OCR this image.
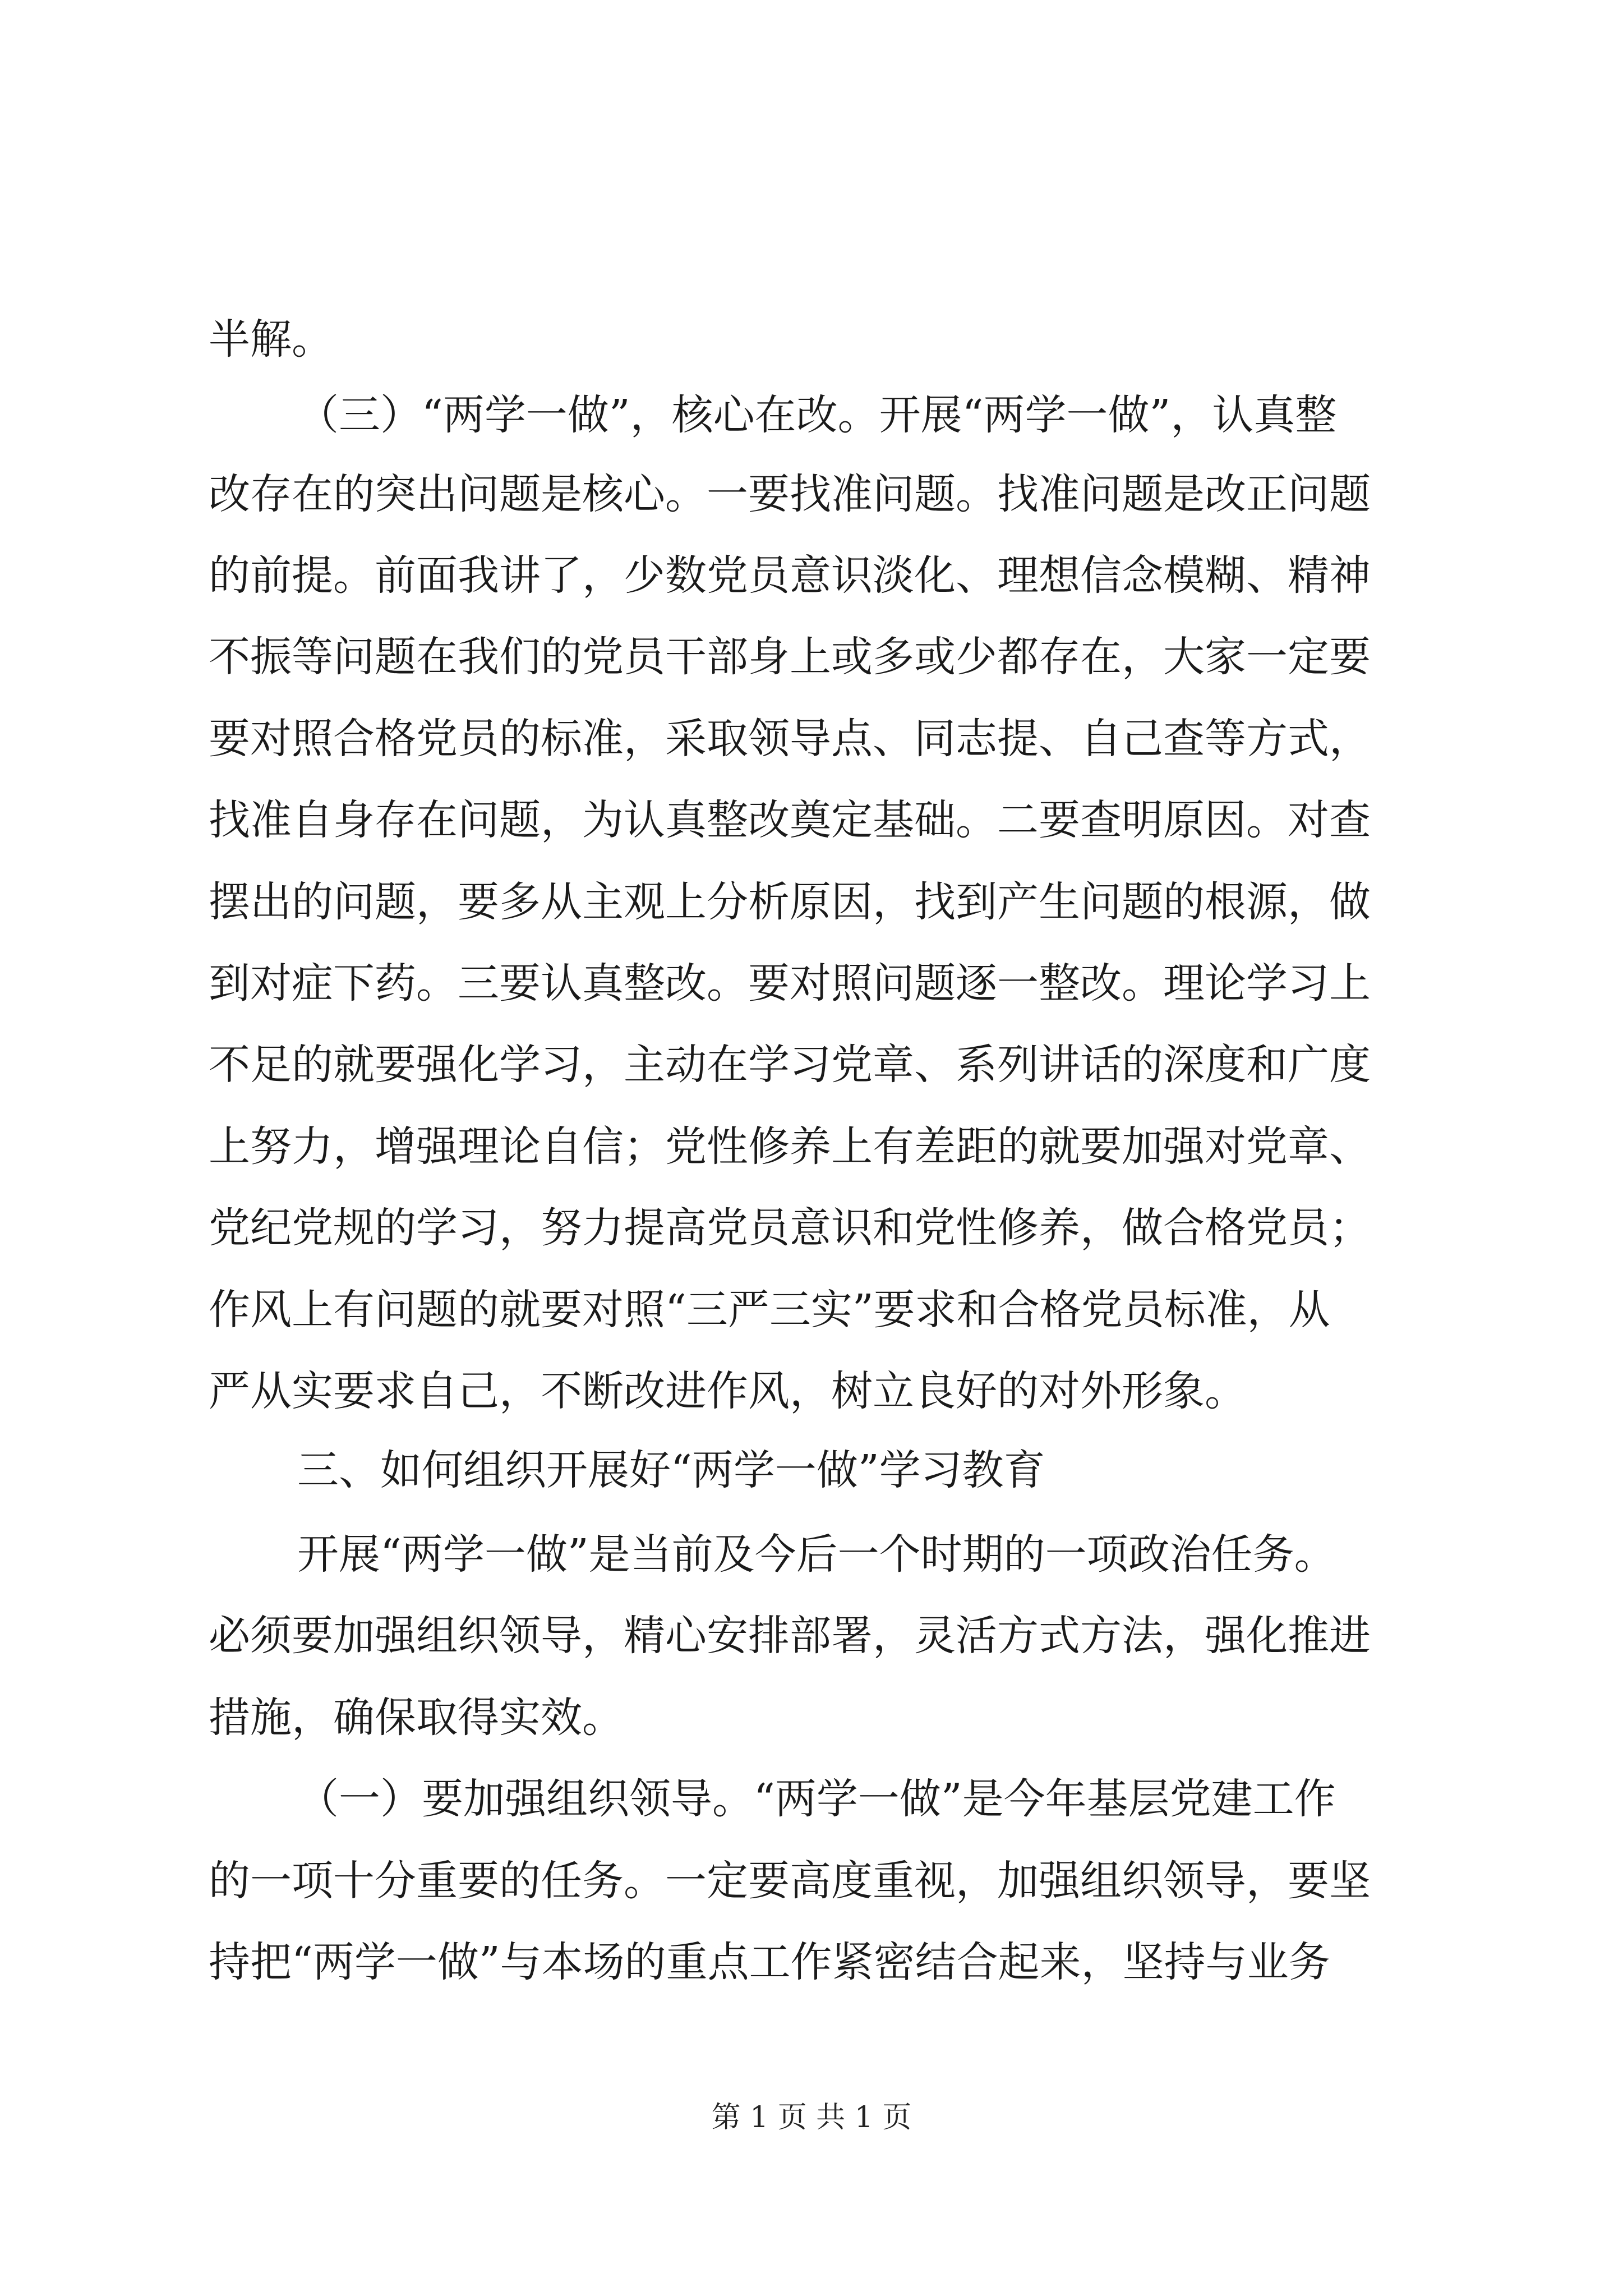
半解。
（三）“两学一做”，核心在改。开展“两学一做”，认真整
改存在的突出问题是核心。一要找准问题。找准问题是改正问题
的前提。前面我讲了，少数党员意识淡化、理想信念模糊、精神
不振等问题在我们的党员干部身上或多或少都存在，大家一定要
要对照合格党员的标准，采取领导点、同志提、自己查等方式，
找准自身存在问题，为认真整改奠定基础。二要查明原因。对查
摆出的问题，要多从主观上分析原因，找到产生问题的根源，做
到对症下药。三要认真整改。要对照问题逐一整改。理论学习上
不足的就要强化学习，主动在学习党章、系列讲话的深度和广度
上努力，增强理论自信；党性修养上有差距的就要加强对党章、
党纪党规的学习，努力提高党员意识和党性修养，做合格党员；
作风上有问题的就要对照“三严三实”要求和合格党员标准，从
严从实要求自己，不断改进作风，树立良好的对外形象。
三、如何组织开展好“两学一做”学习教育
开展“两学一做”是当前及今后一个时期的一项政治任务。
必须要加强组织领导，精心安排部署，灵活方式方法，强化推进
措施，确保取得实效。
（一）要加强组织领导。“两学一做”是今年基层党建工作
的一项十分重要的任务。一定要高度重视，加强组织领导，要坚
持把“两学一做”与本场的重点工作紧密结合起来，坚持与业务
第 1 页 共 1 页
